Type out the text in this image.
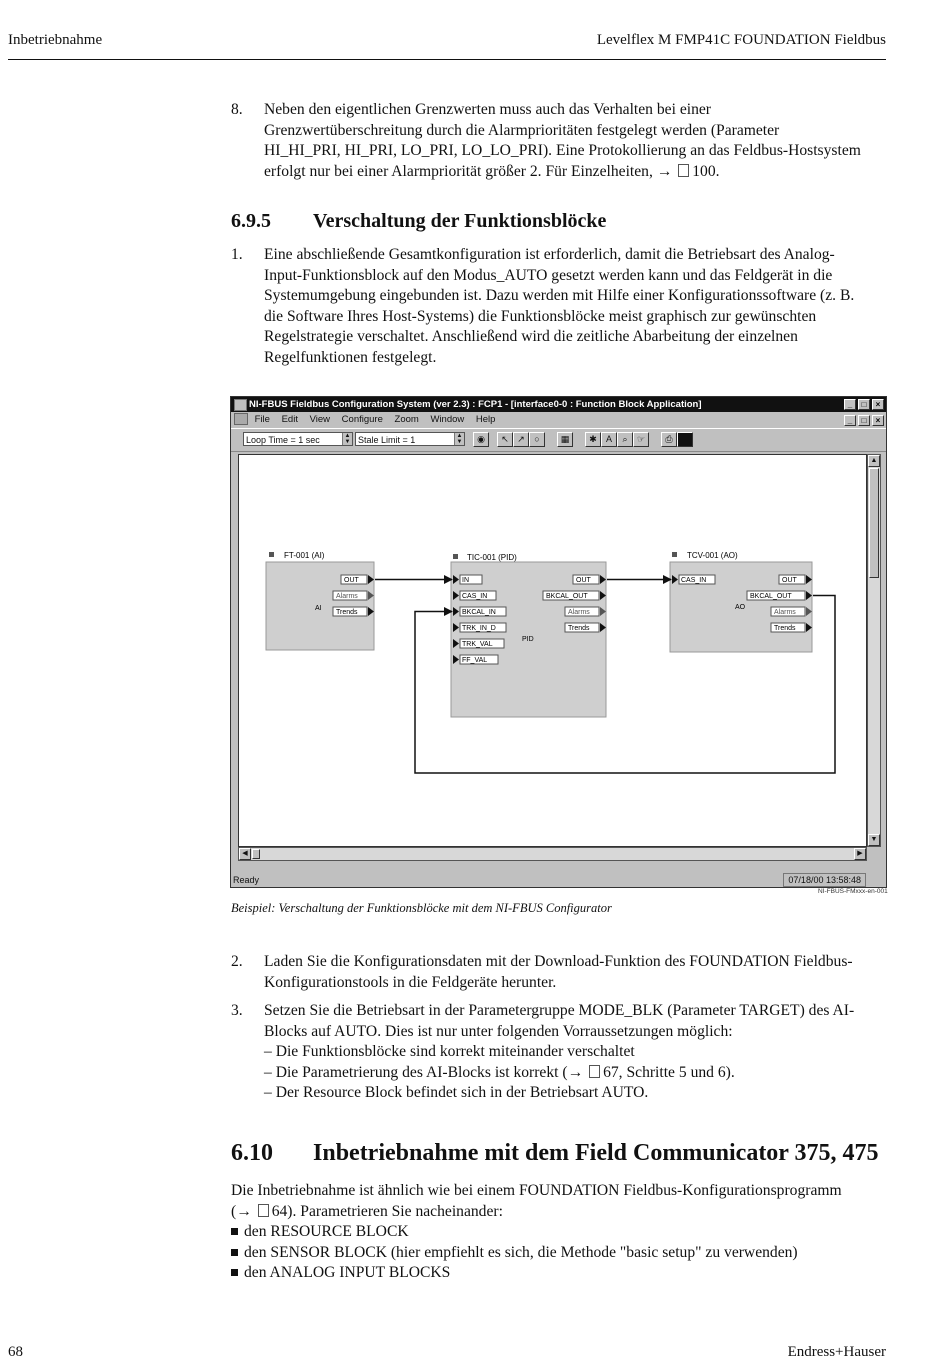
Inbetriebnahme	Levelflex M FMP41C FOUNDATION Fieldbus
8. Neben den eigentlichen Grenzwerten muss auch das Verhalten bei einer
Grenzwertüberschreitung durch die Alarmprioritäten festgelegt werden (Parameter
HI_HI_PRI, HI_PRI, LO_PRI, LO_LO_PRI). Eine Protokollierung an das Feldbus-Hostsystem
erfolgt nur bei einer Alarmpriorität größer 2. Für Einzelheiten, → 100.
6.9.5 Verschaltung der Funktionsblöcke
1. Eine abschließende Gesamtkonfiguration ist erforderlich, damit die Betriebsart des Analog-
Input-Funktionsblock auf den Modus_AUTO gesetzt werden kann und das Feldgerät in die
Systemumgebung eingebunden ist. Dazu werden mit Hilfe einer Konfigurationssoftware (z. B.
die Software Ihres Host-Systems) die Funktionsblöcke meist graphisch zur gewünschten
Regelstrategie verschaltet. Anschließend wird die zeitliche Abarbeitung der einzelnen
Regelfunktionen festgelegt.
NI-FBUS Fieldbus Configuration System (ver 2.3) : FCP1 - [interface0-0 : Function Block Application]	_	□	×
File Edit View Configure Zoom Window Help	_	□	×
Loop Time = 1 sec	▲
▼ Stale Limit = 1	▲
▼	◉	↖ ↗	○	▦	✱	A	⌕	☞	⎙
FT-001 (AI)
AI
OUT
Alarms
Trends
TIC-001 (PID)
PID
IN
CAS_IN
BKCAL_IN
TRK_IN_D
TRK_VAL
FF_VAL
OUT
BKCAL_OUT
Alarms
Trends
TCV-001 (AO)
AO
CAS_IN	OUT
BKCAL_OUT
Alarms
Trends
▲
▼
◀	▶
Ready	07/18/00 13:58:48
NI-FBUS-FMxxx-en-001
Beispiel: Verschaltung der Funktionsblöcke mit dem NI-FBUS Configurator
2. Laden Sie die Konfigurationsdaten mit der Download-Funktion des FOUNDATION Fieldbus-
Konfigurationstools in die Feldgeräte herunter.
3. Setzen Sie die Betriebsart in der Parametergruppe MODE_BLK (Parameter TARGET) des AI-
Blocks auf AUTO. Dies ist nur unter folgenden Vorraussetzungen möglich:
– Die Funktionsblöcke sind korrekt miteinander verschaltet
– Die Parametrierung des AI-Blocks ist korrekt (→ 67, Schritte 5 und 6).
– Der Resource Block befindet sich in der Betriebsart AUTO.
6.10 Inbetriebnahme mit dem Field Communicator 375, 475
Die Inbetriebnahme ist ähnlich wie bei einem FOUNDATION Fieldbus-Konfigurationsprogramm
(→ 64). Parametrieren Sie nacheinander:
den RESOURCE BLOCK
den SENSOR BLOCK (hier empfiehlt es sich, die Methode "basic setup" zu verwenden)
den ANALOG INPUT BLOCKS
68	Endress+Hauser
